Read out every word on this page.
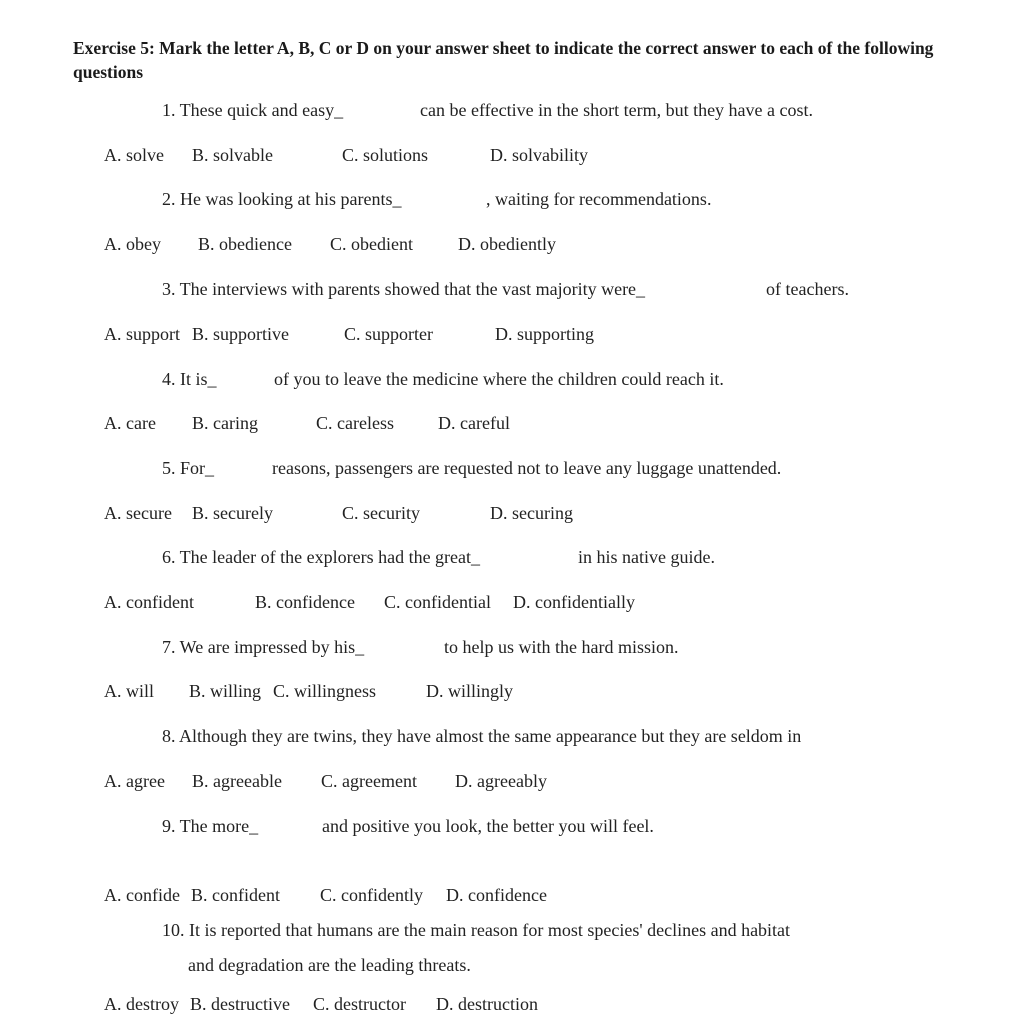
Exercise 5: Mark the letter A, B, C or D on your answer sheet to indicate the correct answer to each of the following questions
1. These quick and easy_	can be effective in the short term, but they have a cost.
A. solve B. solvable	C. solutions	D. solvability
2. He was looking at his parents_	, waiting for recommendations.
A. obey B. obedience C. obedient	D. obediently
3. The interviews with parents showed that the vast majority were_	of teachers.
A. support B. supportive	C. supporter	D. supporting
4. It is_	of you to leave the medicine where the children could reach it.
A. care B. caring	C. careless D. careful
5. For_	reasons, passengers are requested not to leave any luggage unattended.
A. secure B. securely	C. security	D. securing
6. The leader of the explorers had the great_	in his native guide.
A. confident	B. confidence C. confidential D. confidentially
7. We are impressed by his_	to help us with the hard mission.
A. will B. willing C. willingness	D. willingly
8. Although they are twins, they have almost the same appearance but they are seldom in
A. agree B. agreeable C. agreement D. agreeably
9. The more_	and positive you look, the better you will feel.
A. confide B. confident C. confidently D. confidence
10. It is reported that humans are the main reason for most species' declines and habitat
and degradation are the leading threats.
A. destroy B. destructive C. destructor D. destruction
